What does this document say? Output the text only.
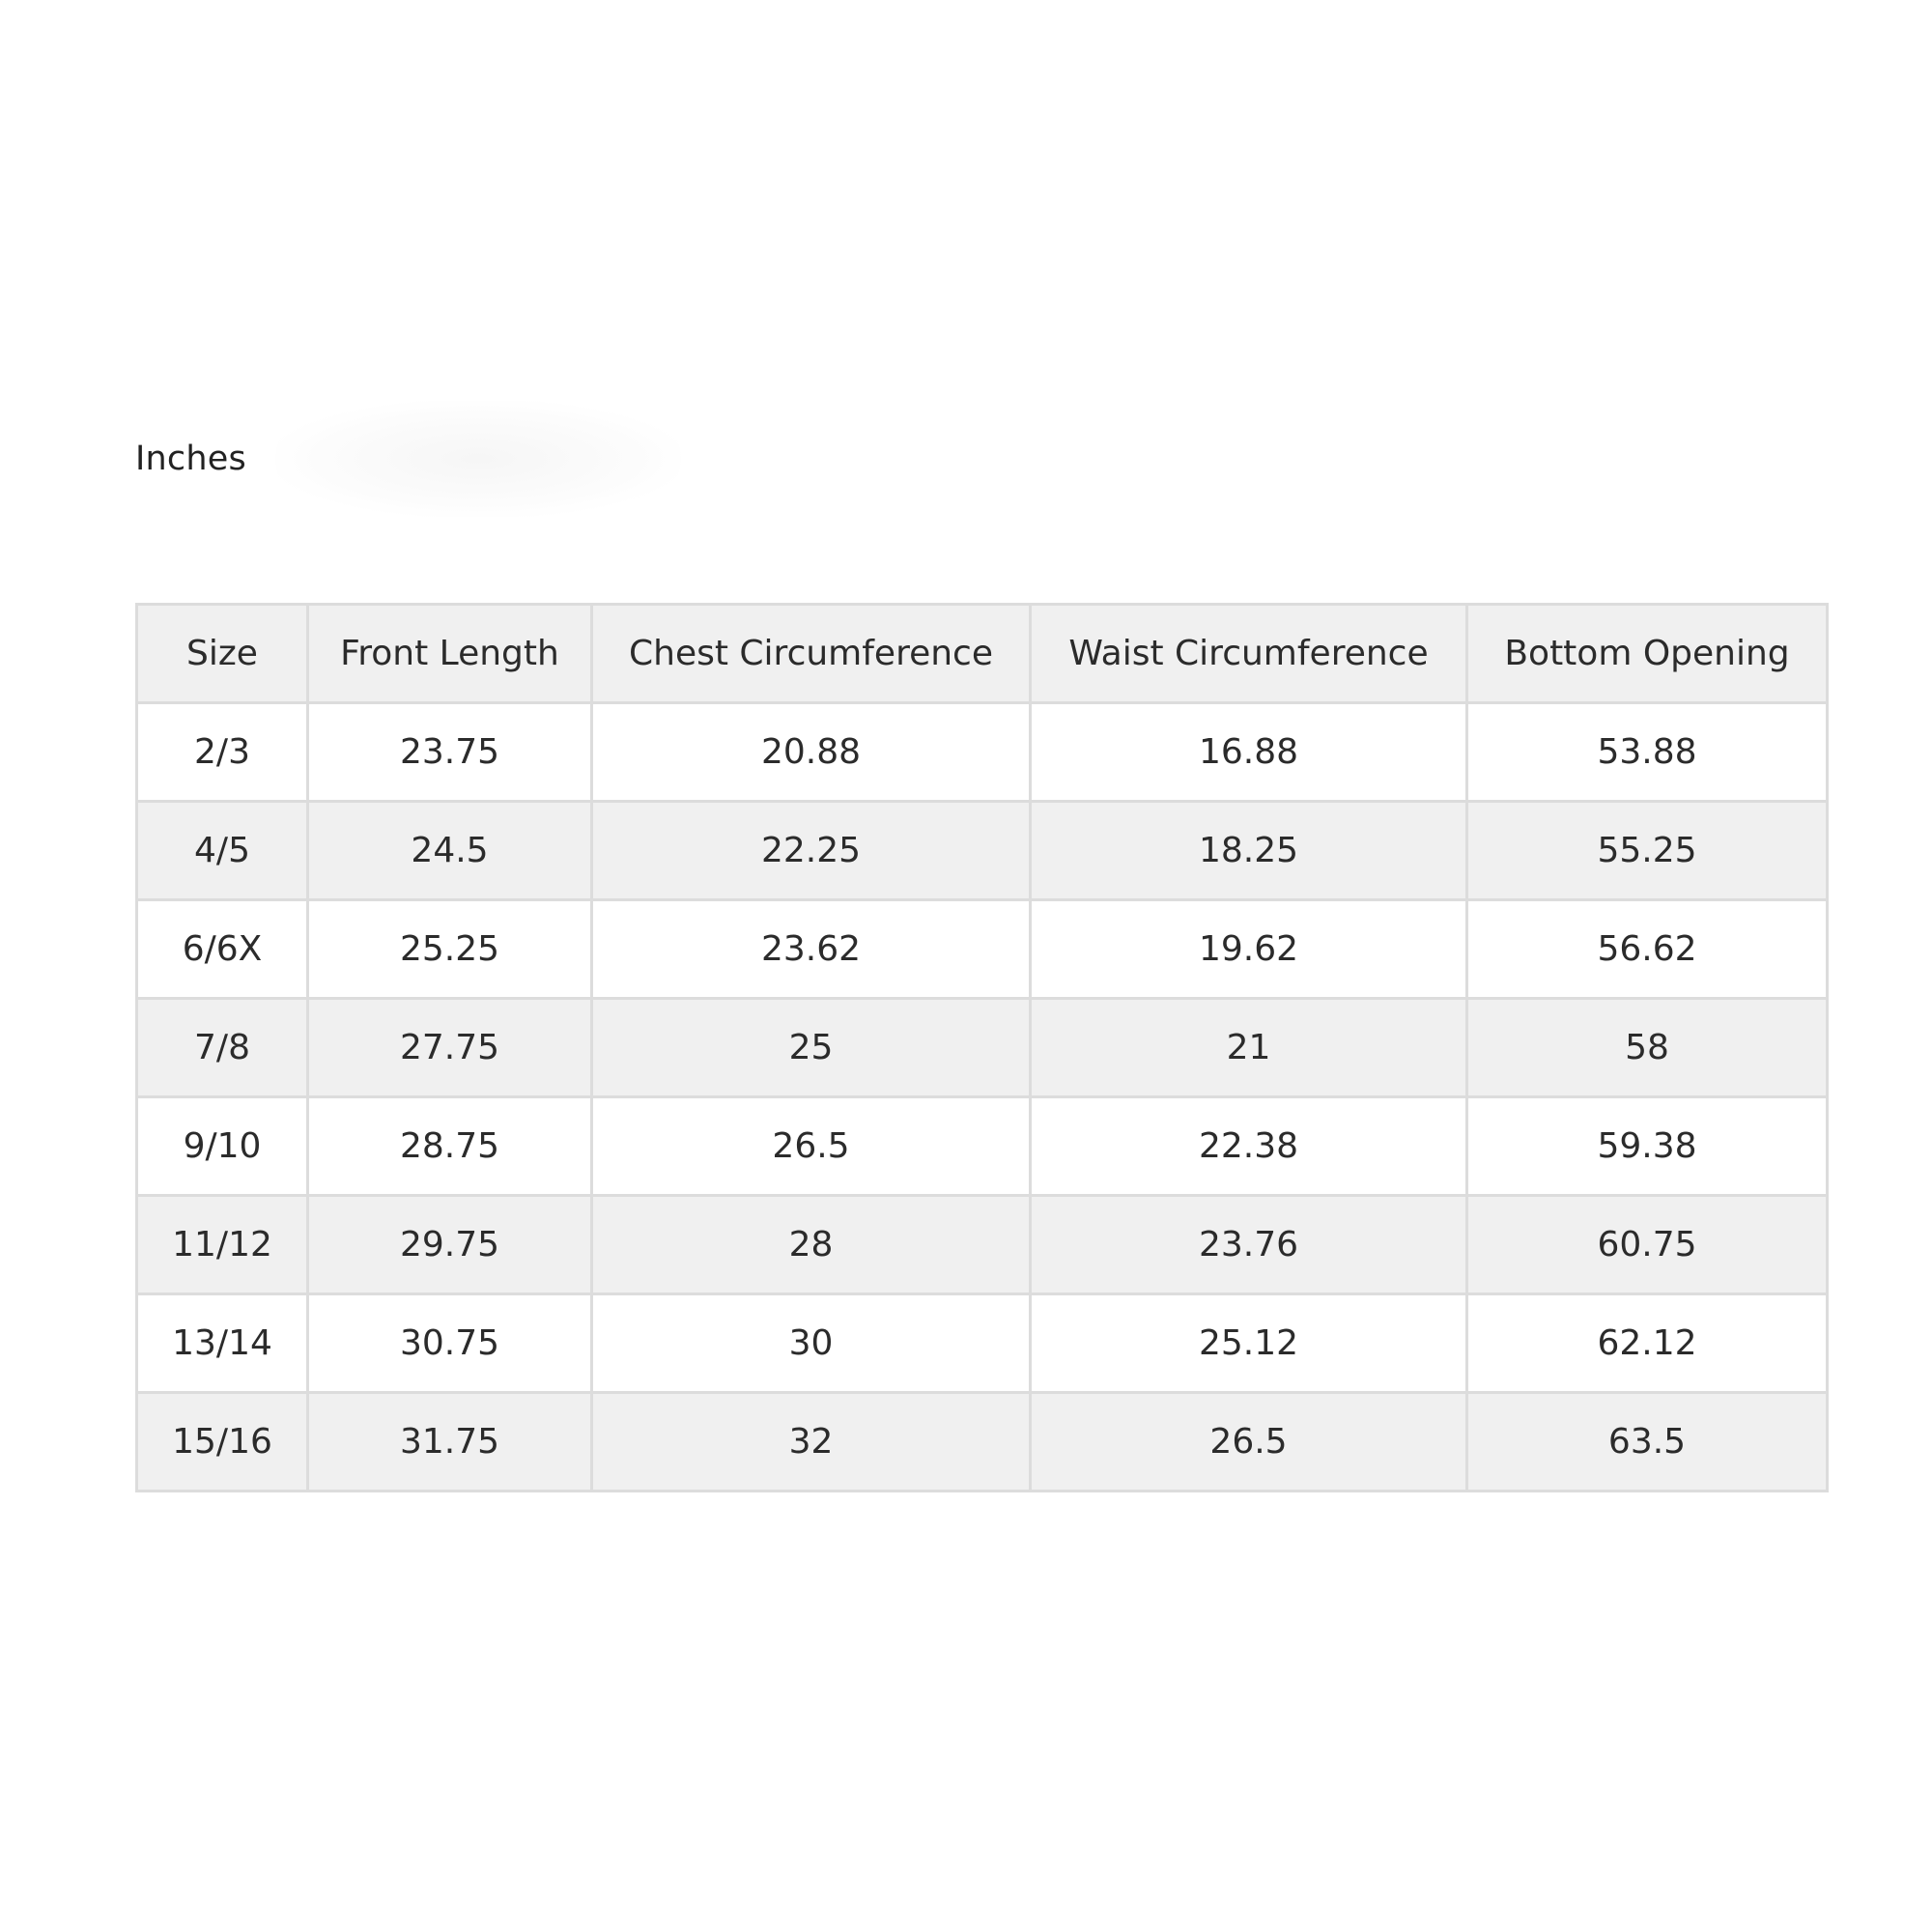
Inches
Size	Front Length	Chest Circumference	Waist Circumference	Bottom Opening
2/3	23.75	20.88	16.88	53.88
4/5	24.5	22.25	18.25	55.25
6/6X	25.25	23.62	19.62	56.62
7/8	27.75	25	21	58
9/10	28.75	26.5	22.38	59.38
11/12	29.75	28	23.76	60.75
13/14	30.75	30	25.12	62.12
15/16	31.75	32	26.5	63.5
